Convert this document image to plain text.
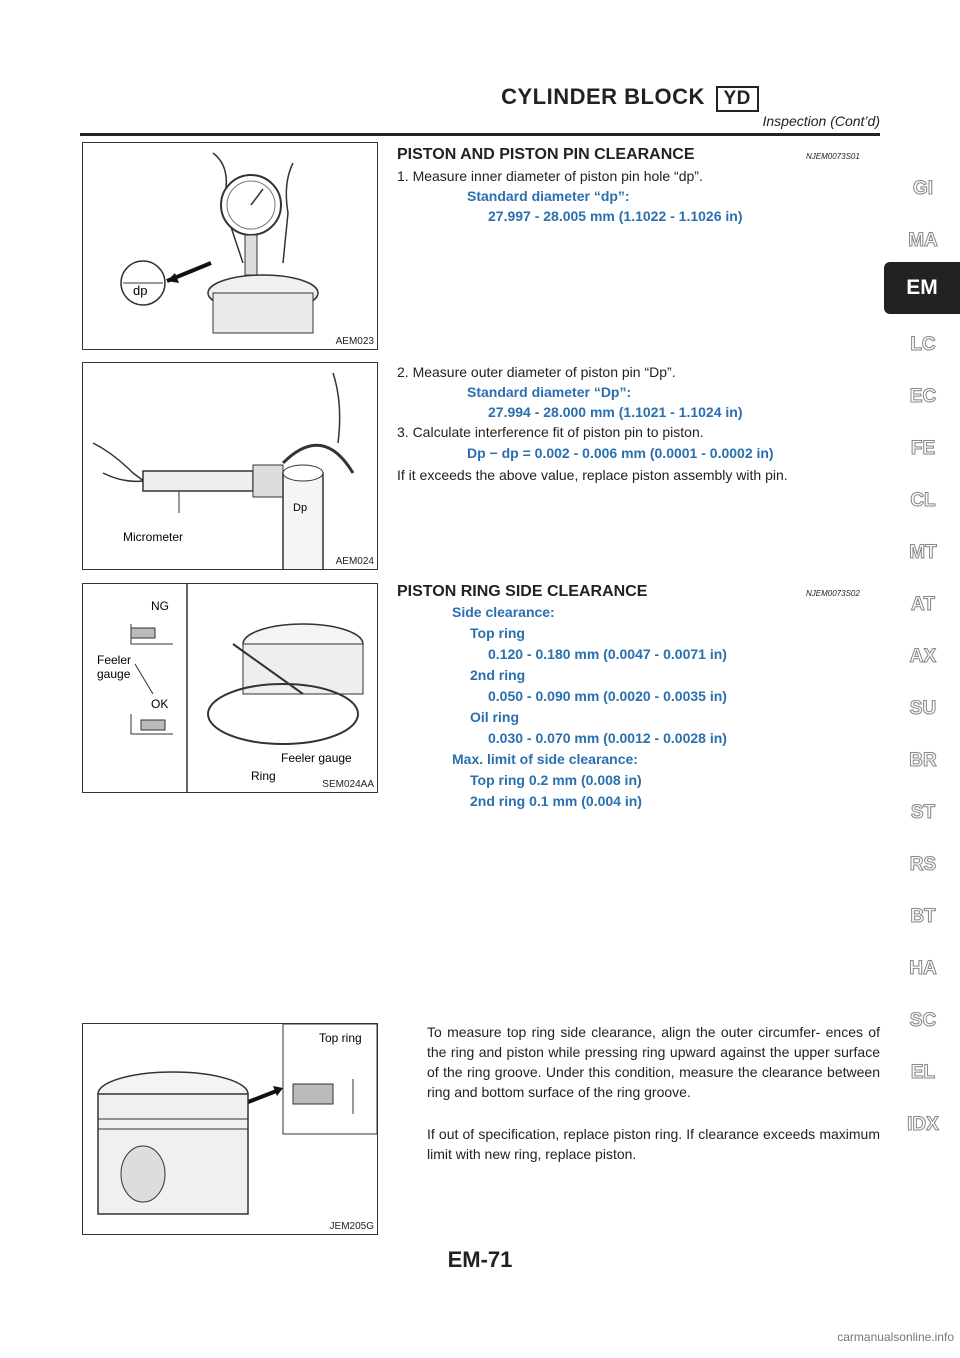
CYLINDER BLOCK YD
Inspection (Cont’d)
GI
MA
EM
LC
EC
FE
CL
MT
AT
AX
SU
BR
ST
RS
BT
HA
SC
EL
IDX
dp
AEM023
Micrometer
Dp
AEM024
NG
OK
Feeler
gauge
Feeler gauge
Ring
SEM024AA
Top ring
JEM205G
PISTON AND PISTON PIN CLEARANCE	NJEM0073S01
1. Measure inner diameter of piston pin hole “dp”.
Standard diameter “dp”:
27.997 - 28.005 mm (1.1022 - 1.1026 in)
2. Measure outer diameter of piston pin “Dp”.
Standard diameter “Dp”:
27.994 - 28.000 mm (1.1021 - 1.1024 in)
3. Calculate interference fit of piston pin to piston.
Dp − dp = 0.002 - 0.006 mm (0.0001 - 0.0002 in)
If it exceeds the above value, replace piston assembly with pin.
PISTON RING SIDE CLEARANCE	NJEM0073S02
Side clearance:
Top ring
0.120 - 0.180 mm (0.0047 - 0.0071 in)
2nd ring
0.050 - 0.090 mm (0.0020 - 0.0035 in)
Oil ring
0.030 - 0.070 mm (0.0012 - 0.0028 in)
Max. limit of side clearance:
Top ring 0.2 mm (0.008 in)
2nd ring 0.1 mm (0.004 in)
To measure top ring side clearance, align the outer circumfer- ences of the ring and piston while pressing ring upward against the upper surface of the ring groove. Under this condition, measure the clearance between ring and bottom surface of the ring groove.
If out of specification, replace piston ring. If clearance exceeds maximum limit with new ring, replace piston.
EM-71
carmanualsonline.info
